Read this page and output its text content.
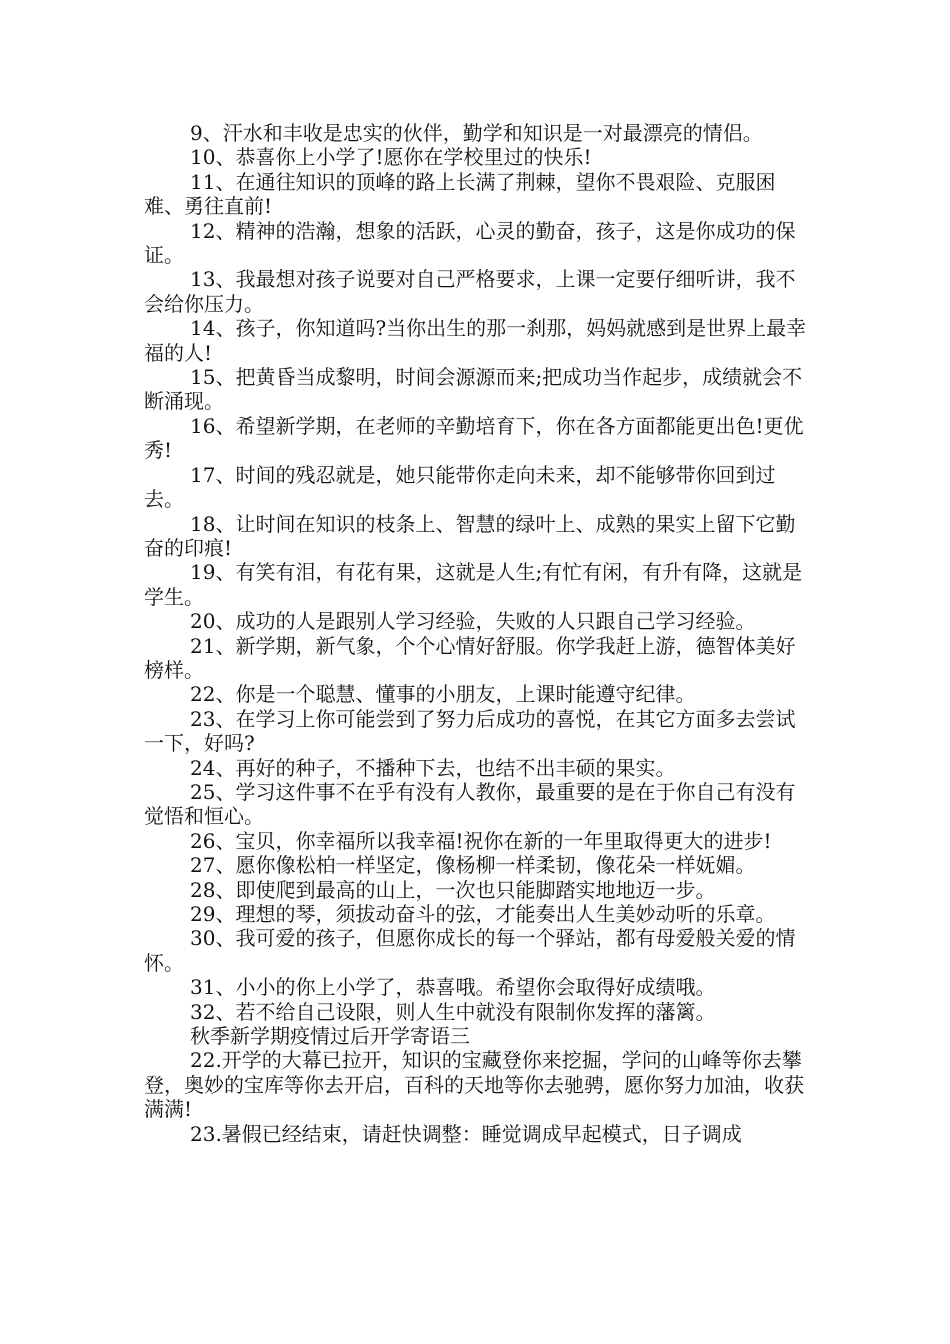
9、汗水和丰收是忠实的伙伴，勤学和知识是一对最漂亮的情侣。

10、恭喜你上小学了!愿你在学校里过的快乐!

11、在通往知识的顶峰的路上长满了荆棘，望你不畏艰险、克服困难、勇往直前!

12、精神的浩瀚，想象的活跃，心灵的勤奋，孩子，这是你成功的保证。

13、我最想对孩子说要对自己严格要求，上课一定要仔细听讲，我不会给你压力。

14、孩子，你知道吗?当你出生的那一刹那，妈妈就感到是世界上最幸福的人!

15、把黄昏当成黎明，时间会源源而来;把成功当作起步，成绩就会不断涌现。

16、希望新学期，在老师的辛勤培育下，你在各方面都能更出色!更优秀!

17、时间的残忍就是，她只能带你走向未来，却不能够带你回到过去。

18、让时间在知识的枝条上、智慧的绿叶上、成熟的果实上留下它勤奋的印痕!

19、有笑有泪，有花有果，这就是人生;有忙有闲，有升有降，这就是学生。

20、成功的人是跟别人学习经验，失败的人只跟自己学习经验。

21、新学期，新气象，个个心情好舒服。你学我赶上游，德智体美好榜样。

22、你是一个聪慧、懂事的小朋友，上课时能遵守纪律。

23、在学习上你可能尝到了努力后成功的喜悦，在其它方面多去尝试一下，好吗?

24、再好的种子，不播种下去，也结不出丰硕的果实。

25、学习这件事不在乎有没有人教你，最重要的是在于你自己有没有觉悟和恒心。

26、宝贝，你幸福所以我幸福!祝你在新的一年里取得更大的进步!

27、愿你像松柏一样坚定，像杨柳一样柔韧，像花朵一样妩媚。

28、即使爬到最高的山上，一次也只能脚踏实地地迈一步。

29、理想的琴，须拔动奋斗的弦，才能奏出人生美妙动听的乐章。

30、我可爱的孩子，但愿你成长的每一个驿站，都有母爱般关爱的情怀。

31、小小的你上小学了，恭喜哦。希望你会取得好成绩哦。

32、若不给自己设限，则人生中就没有限制你发挥的藩篱。

秋季新学期疫情过后开学寄语三

22.开学的大幕已拉开，知识的宝藏登你来挖掘，学问的山峰等你去攀登，奥妙的宝库等你去开启，百科的天地等你去驰骋，愿你努力加油，收获满满!

23.暑假已经结束，请赶快调整：睡觉调成早起模式，日子调成
